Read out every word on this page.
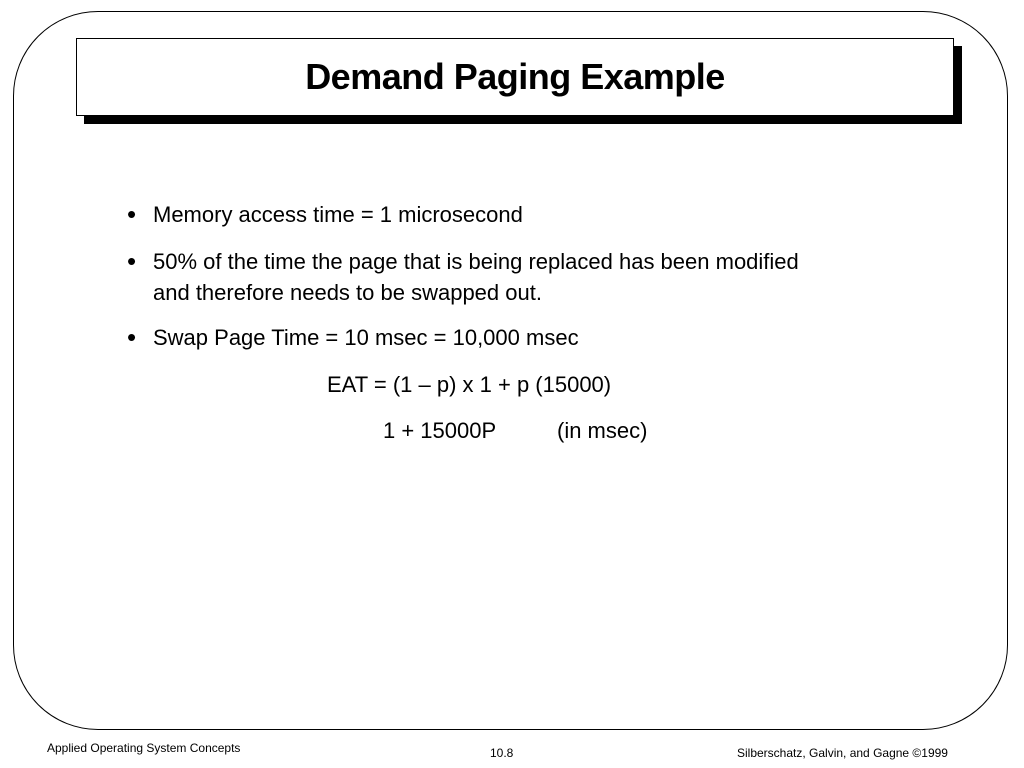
Demand Paging Example
• Memory access time = 1 microsecond
• 50% of the time the page that is being replaced has been modified and therefore needs to be swapped out.
• Swap Page Time = 10 msec = 10,000 msec
EAT = (1 – p) x 1 + p (15000)
1 + 15000P	(in msec)
Applied Operating System Concepts	10.8	Silberschatz, Galvin, and Gagne ©1999
